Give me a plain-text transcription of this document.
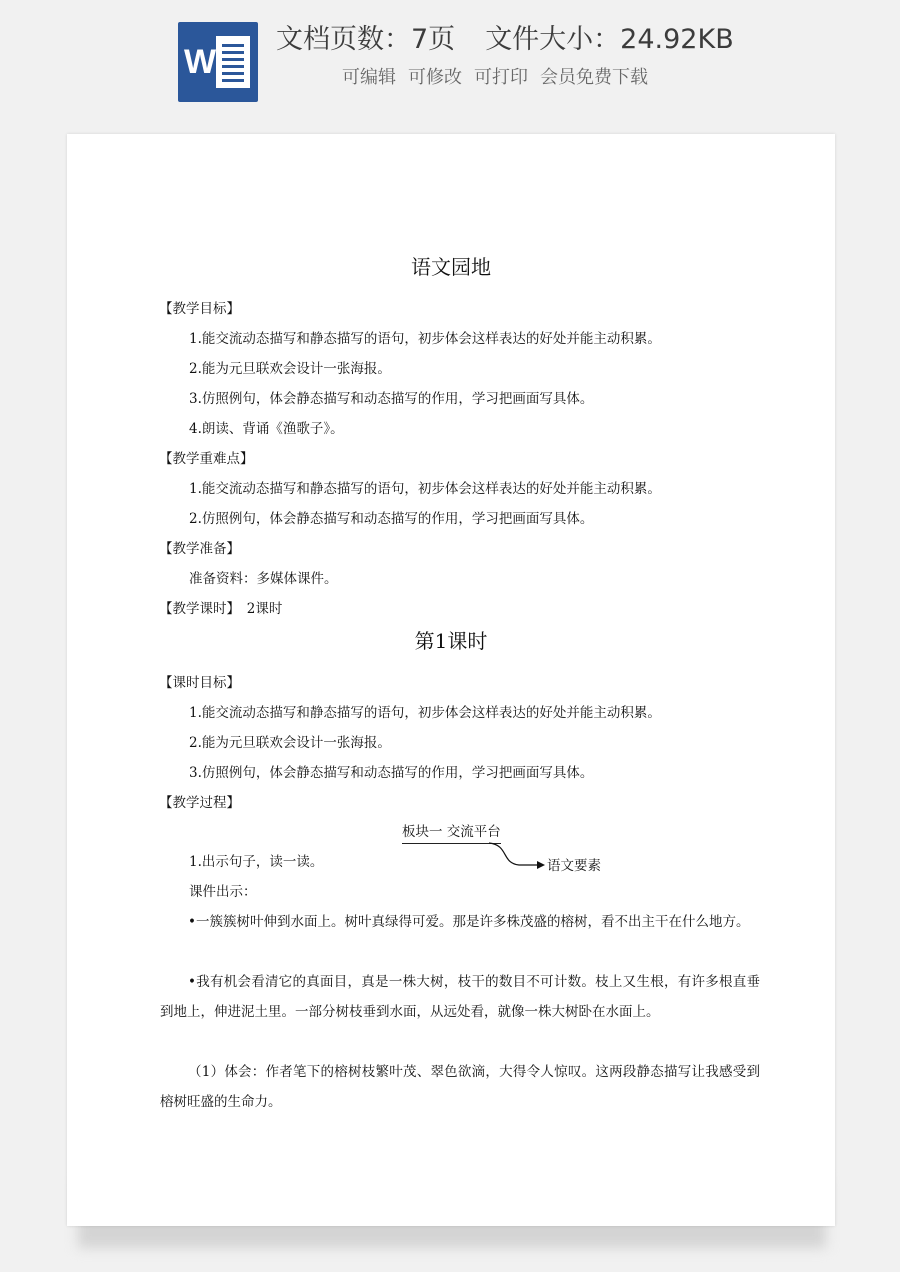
W
文档页数：7页 文件大小：24.92KB
可编辑 可修改 可打印 会员免费下载
语文园地
【教学目标】
1.能交流动态描写和静态描写的语句，初步体会这样表达的好处并能主动积累。
2.能为元旦联欢会设计一张海报。
3.仿照例句，体会静态描写和动态描写的作用，学习把画面写具体。
4.朗读、背诵《渔歌子》。
【教学重难点】
1.能交流动态描写和静态描写的语句，初步体会这样表达的好处并能主动积累。
2.仿照例句，体会静态描写和动态描写的作用，学习把画面写具体。
【教学准备】
准备资料：多媒体课件。
【教学课时】　2课时
第1课时
【课时目标】
1.能交流动态描写和静态描写的语句，初步体会这样表达的好处并能主动积累。
2.能为元旦联欢会设计一张海报。
3.仿照例句，体会静态描写和动态描写的作用，学习把画面写具体。
【教学过程】
板块一 交流平台
语文要素
1.出示句子，读一读。
课件出示：
•一簇簇树叶伸到水面上。树叶真绿得可爱。那是许多株茂盛的榕树，看不出主干在什么地方。
•我有机会看清它的真面目，真是一株大树，枝干的数目不可计数。枝上又生根，有许多根直垂到地上，伸进泥土里。一部分树枝垂到水面，从远处看，就像一株大树卧在水面上。
（1）体会：作者笔下的榕树枝繁叶茂、翠色欲滴，大得令人惊叹。这两段静态描写让我感受到榕树旺盛的生命力。
